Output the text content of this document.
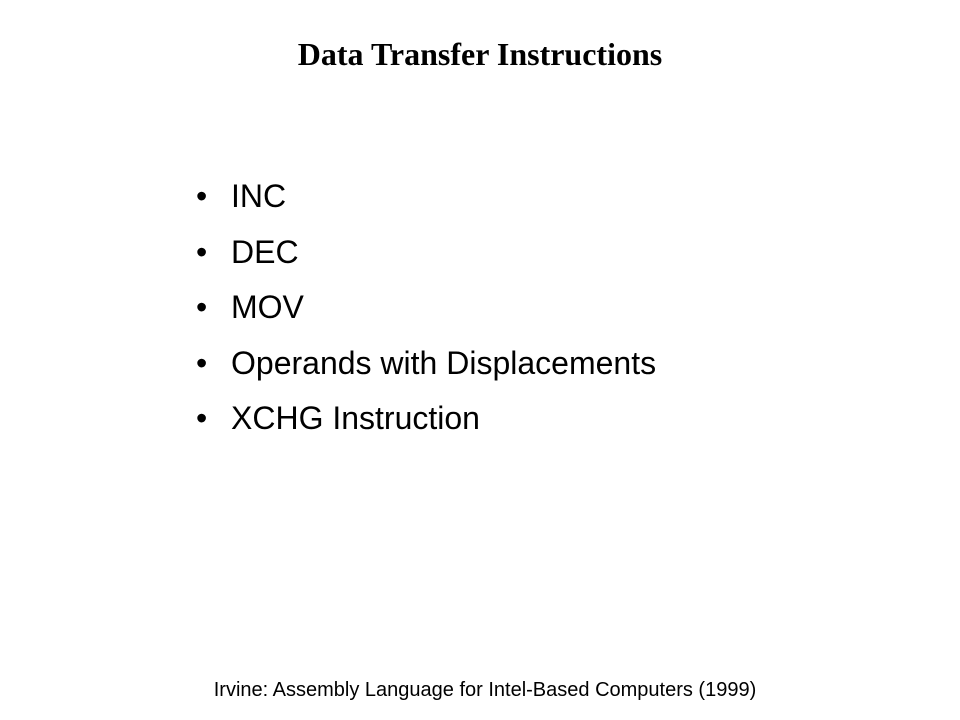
Data Transfer Instructions
• INC
• DEC
• MOV
• Operands with Displacements
• XCHG Instruction
Irvine: Assembly Language for Intel-Based Computers (1999)
